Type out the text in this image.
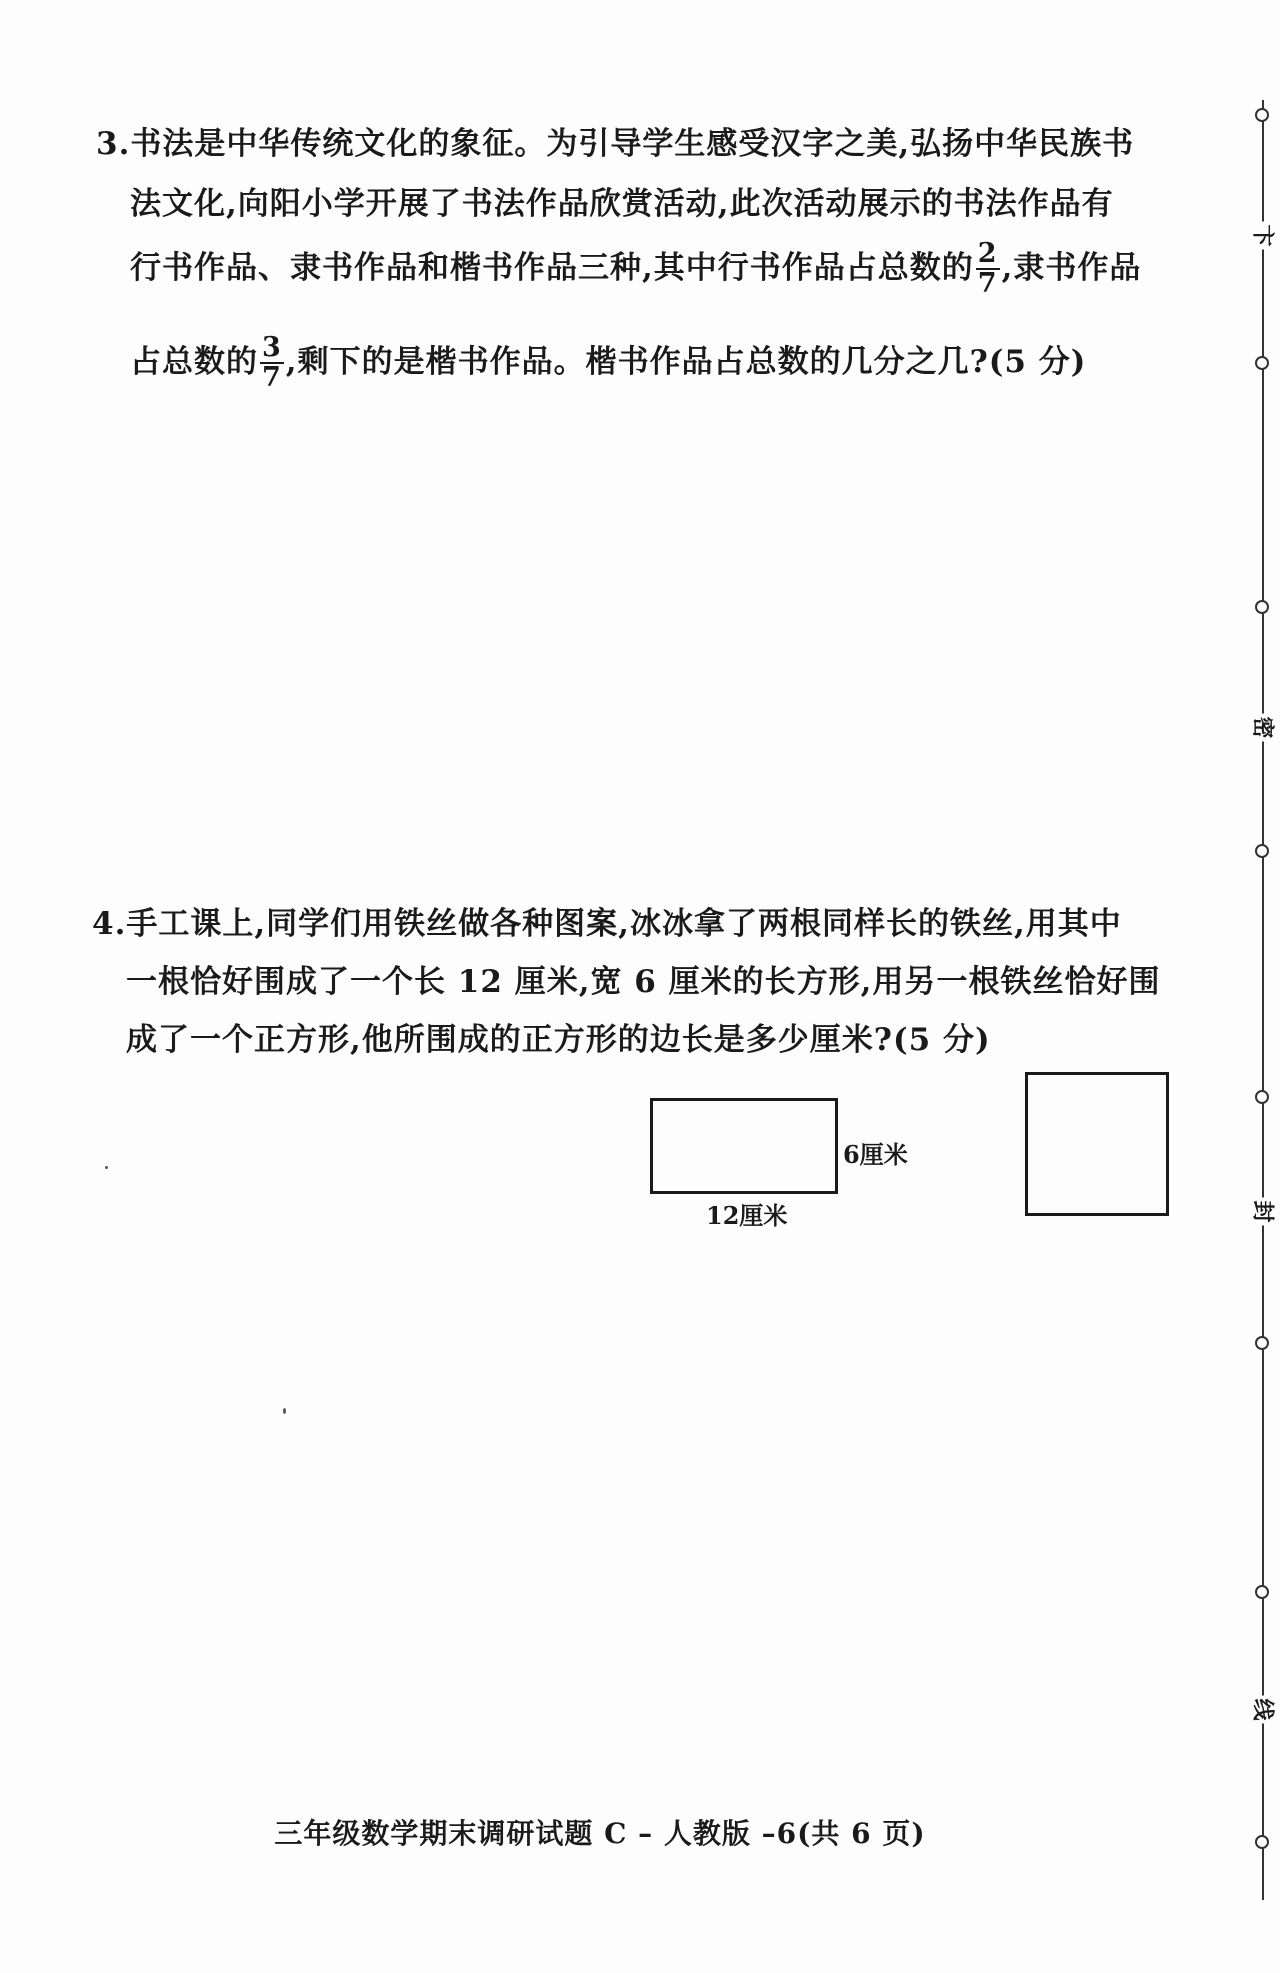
3.书法是中华传统文化的象征。为引导学生感受汉字之美,弘扬中华民族书
法文化,向阳小学开展了书法作品欣赏活动,此次活动展示的书法作品有
行书作品、隶书作品和楷书作品三种,其中行书作品占总数的 $\frac{2}{7}$ ,隶书作品
占总数的 $\frac{3}{7}$ ,剩下的是楷书作品。楷书作品占总数的几分之几?(5 分)
4.手工课上,同学们用铁丝做各种图案,冰冰拿了两根同样长的铁丝,用其中
一根恰好围成了一个长 12 厘米,宽 6 厘米的长方形,用另一根铁丝恰好围
成了一个正方形,他所围成的正方形的边长是多少厘米?(5 分)
6厘米
12厘米
三年级数学期末调研试题 C – 人教版 –6(共 6 页)
卞
密
封
线
